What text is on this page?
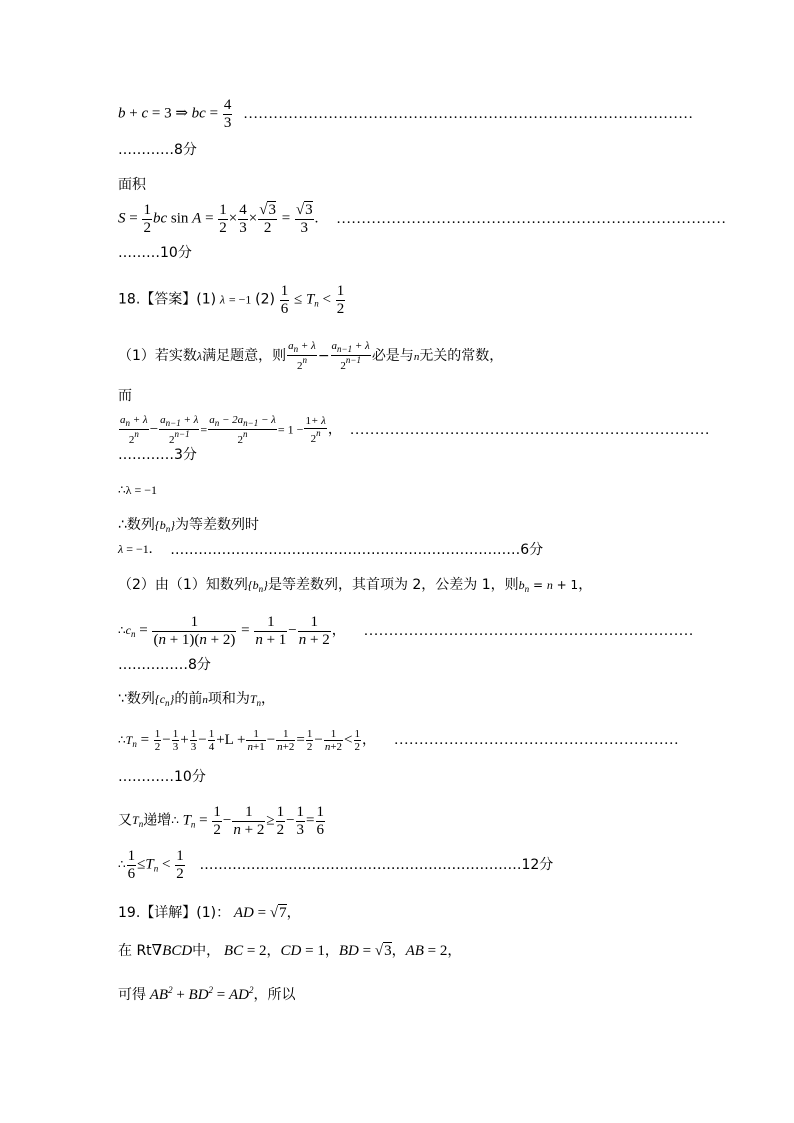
b + c = 3 ⇒ bc = $\frac{4}{3}$ ………………………………………………………………………………
…………8分
面积
$S = \frac{1}{2}$ bc $\sin A = \frac{1}{2} \times \frac{4}{3} \times \frac{√3}{2} = \frac{√3}{3}$ . ……………………………………………………………………
………10分
18.【答案】(1) λ = −1 $(2) \frac{1}{6} \le T_n < \frac{1}{2}$
（1）若实数λ满足题意，则 $\frac{a_n + \lambda}{2^n} - \frac{a_{n-1} + \lambda}{2^{n-1}}$ 必是与n无关的常数，
而
$\frac{a_n + \lambda}{2^n} - \frac{a_{n-1} + \lambda}{2^{n-1}} = \frac{a_n - 2a_{n-1} - \lambda}{2^n} = 1 - \frac{1+ \lambda}{2^n}$ ， ………………………………………………………………
…………3分
∴λ = −1
∴数列$\{b_n\}$为等差数列时
λ = −1. …………………………………………………………………6分
（2）由（1）知数列$\{b_n\}$是等差数列，其首项为 2，公差为 1，则$b_n = n + 1$，
$\therefore c_n = \frac{1}{(n + 1)(n + 2)} = \frac{1}{n + 1} - \frac{1}{n + 2}$ ， …………………………………………………………
……………8分
∵数列$\{c_n\}$的前n项和为$T_n$，
$\therefore T_n = \frac{1}{2} - \frac{1}{3} + \frac{1}{3} - \frac{1}{4} +L + \frac{1}{n+1} - \frac{1}{n+2} = \frac{1}{2} - \frac{1}{n+2} < \frac{1}{2}$ ， …………………………………………………
…………10分
又$T_n$递增∴ $T_n = \frac{1}{2} - \frac{1}{n + 2} \ge \frac{1}{2} - \frac{1}{3} = \frac{1}{6}$
∴ $\frac{1}{6} \le T_n < \frac{1}{2}$ ……………………………………………………………12分
19.【详解】(1)： AD = √7，
在 Rt∇BCD中， BC = 2，CD = 1，BD = √3，AB = 2，
可得 $AB^2 + BD^2 = AD^2$，所以
